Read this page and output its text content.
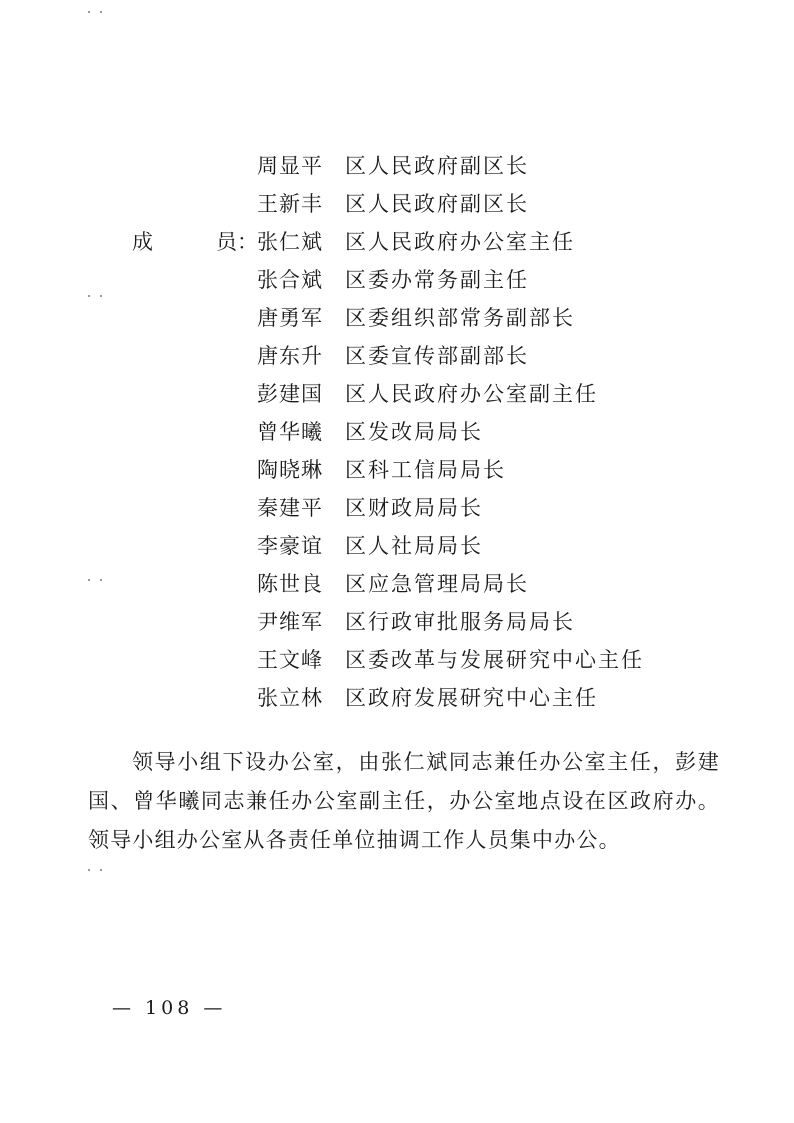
周显平 区人民政府副区长
王新丰 区人民政府副区长
成	员： 张仁斌 区人民政府办公室主任
张合斌 区委办常务副主任
唐勇军 区委组织部常务副部长
唐东升 区委宣传部副部长
彭建国 区人民政府办公室副主任
曾华曦 区发改局局长
陶晓琳 区科工信局局长
秦建平 区财政局局长
李豪谊 区人社局局长
陈世良 区应急管理局局长
尹维军 区行政审批服务局局长
王文峰 区委改革与发展研究中心主任
张立林 区政府发展研究中心主任

领导小组下设办公室，由张仁斌同志兼任办公室主任，彭建国、曾华曦同志兼任办公室副主任，办公室地点设在区政府办。领导小组办公室从各责任单位抽调工作人员集中办公。

— 108 —
